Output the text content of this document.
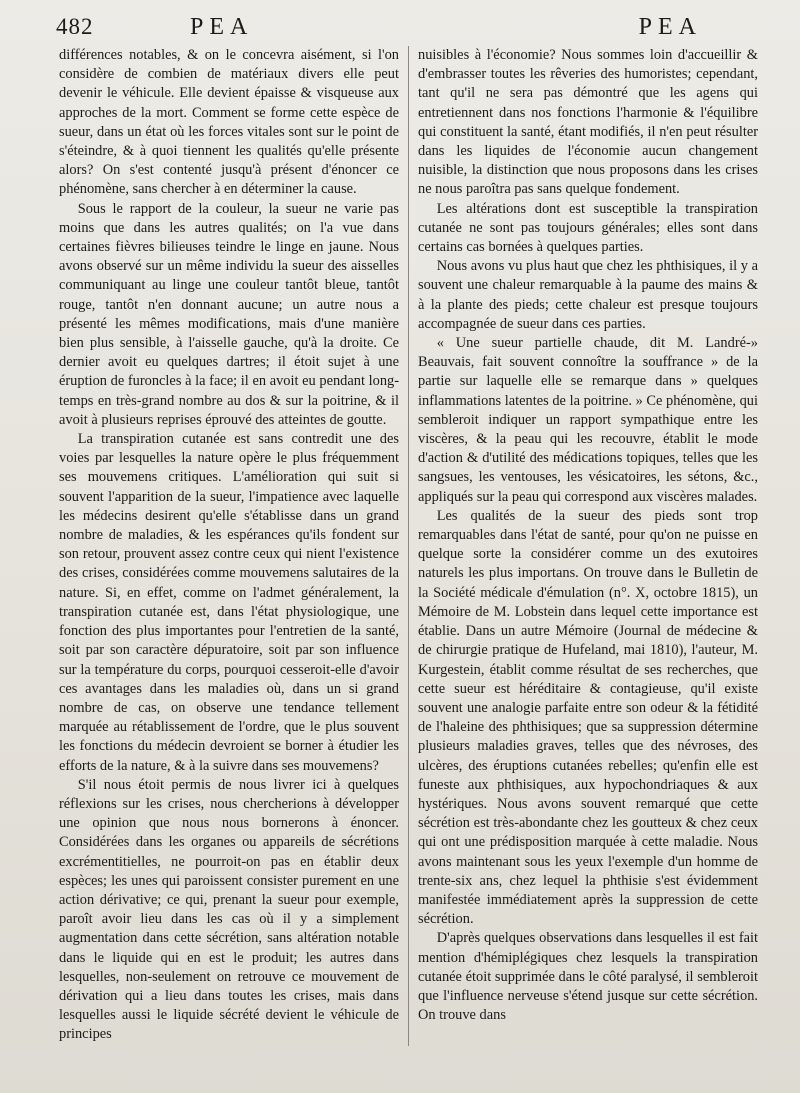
482	PEA	PEA

différences notables, & on le concevra aisément, si l'on considère de combien de matériaux divers elle peut devenir le véhicule. Elle devient épaisse & visqueuse aux approches de la mort. Comment se forme cette espèce de sueur, dans un état où les forces vitales sont sur le point de s'éteindre, & à quoi tiennent les qualités qu'elle présente alors? On s'est contenté jusqu'à présent d'énoncer ce phénomène, sans chercher à en déterminer la cause.

Sous le rapport de la couleur, la sueur ne varie pas moins que dans les autres qualités; on l'a vue dans certaines fièvres bilieuses teindre le linge en jaune. Nous avons observé sur un même individu la sueur des aisselles communiquant au linge une couleur tantôt bleue, tantôt rouge, tantôt n'en donnant aucune; un autre nous a présenté les mêmes modifications, mais d'une manière bien plus sensible, à l'aisselle gauche, qu'à la droite. Ce dernier avoit eu quelques dartres; il étoit sujet à une éruption de furoncles à la face; il en avoit eu pendant long-temps en très-grand nombre au dos & sur la poitrine, & il avoit à plusieurs reprises éprouvé des atteintes de goutte.

La transpiration cutanée est sans contredit une des voies par lesquelles la nature opère le plus fréquemment ses mouvemens critiques. L'amélioration qui suit si souvent l'apparition de la sueur, l'impatience avec laquelle les médecins desirent qu'elle s'établisse dans un grand nombre de maladies, & les espérances qu'ils fondent sur son retour, prouvent assez contre ceux qui nient l'existence des crises, considérées comme mouvemens salutaires de la nature. Si, en effet, comme on l'admet généralement, la transpiration cutanée est, dans l'état physiologique, une fonction des plus importantes pour l'entretien de la santé, soit par son caractère dépuratoire, soit par son influence sur la température du corps, pourquoi cesseroit-elle d'avoir ces avantages dans les maladies où, dans un si grand nombre de cas, on observe une tendance tellement marquée au rétablissement de l'ordre, que le plus souvent les fonctions du médecin devroient se borner à étudier les efforts de la nature, & à la suivre dans ses mouvemens?

S'il nous étoit permis de nous livrer ici à quelques réflexions sur les crises, nous chercherions à développer une opinion que nous nous bornerons à énoncer. Considérées dans les organes ou appareils de sécrétions excrémentitielles, ne pourroit-on pas en établir deux espèces; les unes qui paroissent consister purement en une action dérivative; ce qui, prenant la sueur pour exemple, paroît avoir lieu dans les cas où il y a simplement augmentation dans cette sécrétion, sans altération notable dans le liquide qui en est le produit; les autres dans lesquelles, non-seulement on retrouve ce mouvement de dérivation qui a lieu dans toutes les crises, mais dans lesquelles aussi le liquide sécrété devient le véhicule de principes

nuisibles à l'économie? Nous sommes loin d'accueillir & d'embrasser toutes les rêveries des humoristes; cependant, tant qu'il ne sera pas démontré que les agens qui entretiennent dans nos fonctions l'harmonie & l'équilibre qui constituent la santé, étant modifiés, il n'en peut résulter dans les liquides de l'économie aucun changement nuisible, la distinction que nous proposons dans les crises ne nous paroîtra pas sans quelque fondement.

Les altérations dont est susceptible la transpiration cutanée ne sont pas toujours générales; elles sont dans certains cas bornées à quelques parties.

Nous avons vu plus haut que chez les phthisiques, il y a souvent une chaleur remarquable à la paume des mains & à la plante des pieds; cette chaleur est presque toujours accompagnée de sueur dans ces parties.

« Une sueur partielle chaude, dit M. Landré-» Beauvais, fait souvent connoître la souffrance » de la partie sur laquelle elle se remarque dans » quelques inflammations latentes de la poitrine. » Ce phénomène, qui sembleroit indiquer un rapport sympathique entre les viscères, & la peau qui les recouvre, établit le mode d'action & d'utilité des médications topiques, telles que les sangsues, les ventouses, les vésicatoires, les sétons, &c., appliqués sur la peau qui correspond aux viscères malades.

Les qualités de la sueur des pieds sont trop remarquables dans l'état de santé, pour qu'on ne puisse en quelque sorte la considérer comme un des exutoires naturels les plus importans. On trouve dans le Bulletin de la Société médicale d'émulation (n°. X, octobre 1815), un Mémoire de M. Lobstein dans lequel cette importance est établie. Dans un autre Mémoire (Journal de médecine & de chirurgie pratique de Hufeland, mai 1810), l'auteur, M. Kurgestein, établit comme résultat de ses recherches, que cette sueur est héréditaire & contagieuse, qu'il existe souvent une analogie parfaite entre son odeur & la fétidité de l'haleine des phthisiques; que sa suppression détermine plusieurs maladies graves, telles que des névroses, des ulcères, des éruptions cutanées rebelles; qu'enfin elle est funeste aux phthisiques, aux hypochondriaques & aux hystériques. Nous avons souvent remarqué que cette sécrétion est très-abondante chez les goutteux & chez ceux qui ont une prédisposition marquée à cette maladie. Nous avons maintenant sous les yeux l'exemple d'un homme de trente-six ans, chez lequel la phthisie s'est évidemment manifestée immédiatement après la suppression de cette sécrétion.

D'après quelques observations dans lesquelles il est fait mention d'hémiplégiques chez lesquels la transpiration cutanée étoit supprimée dans le côté paralysé, il sembleroit que l'influence nerveuse s'étend jusque sur cette sécrétion. On trouve dans
